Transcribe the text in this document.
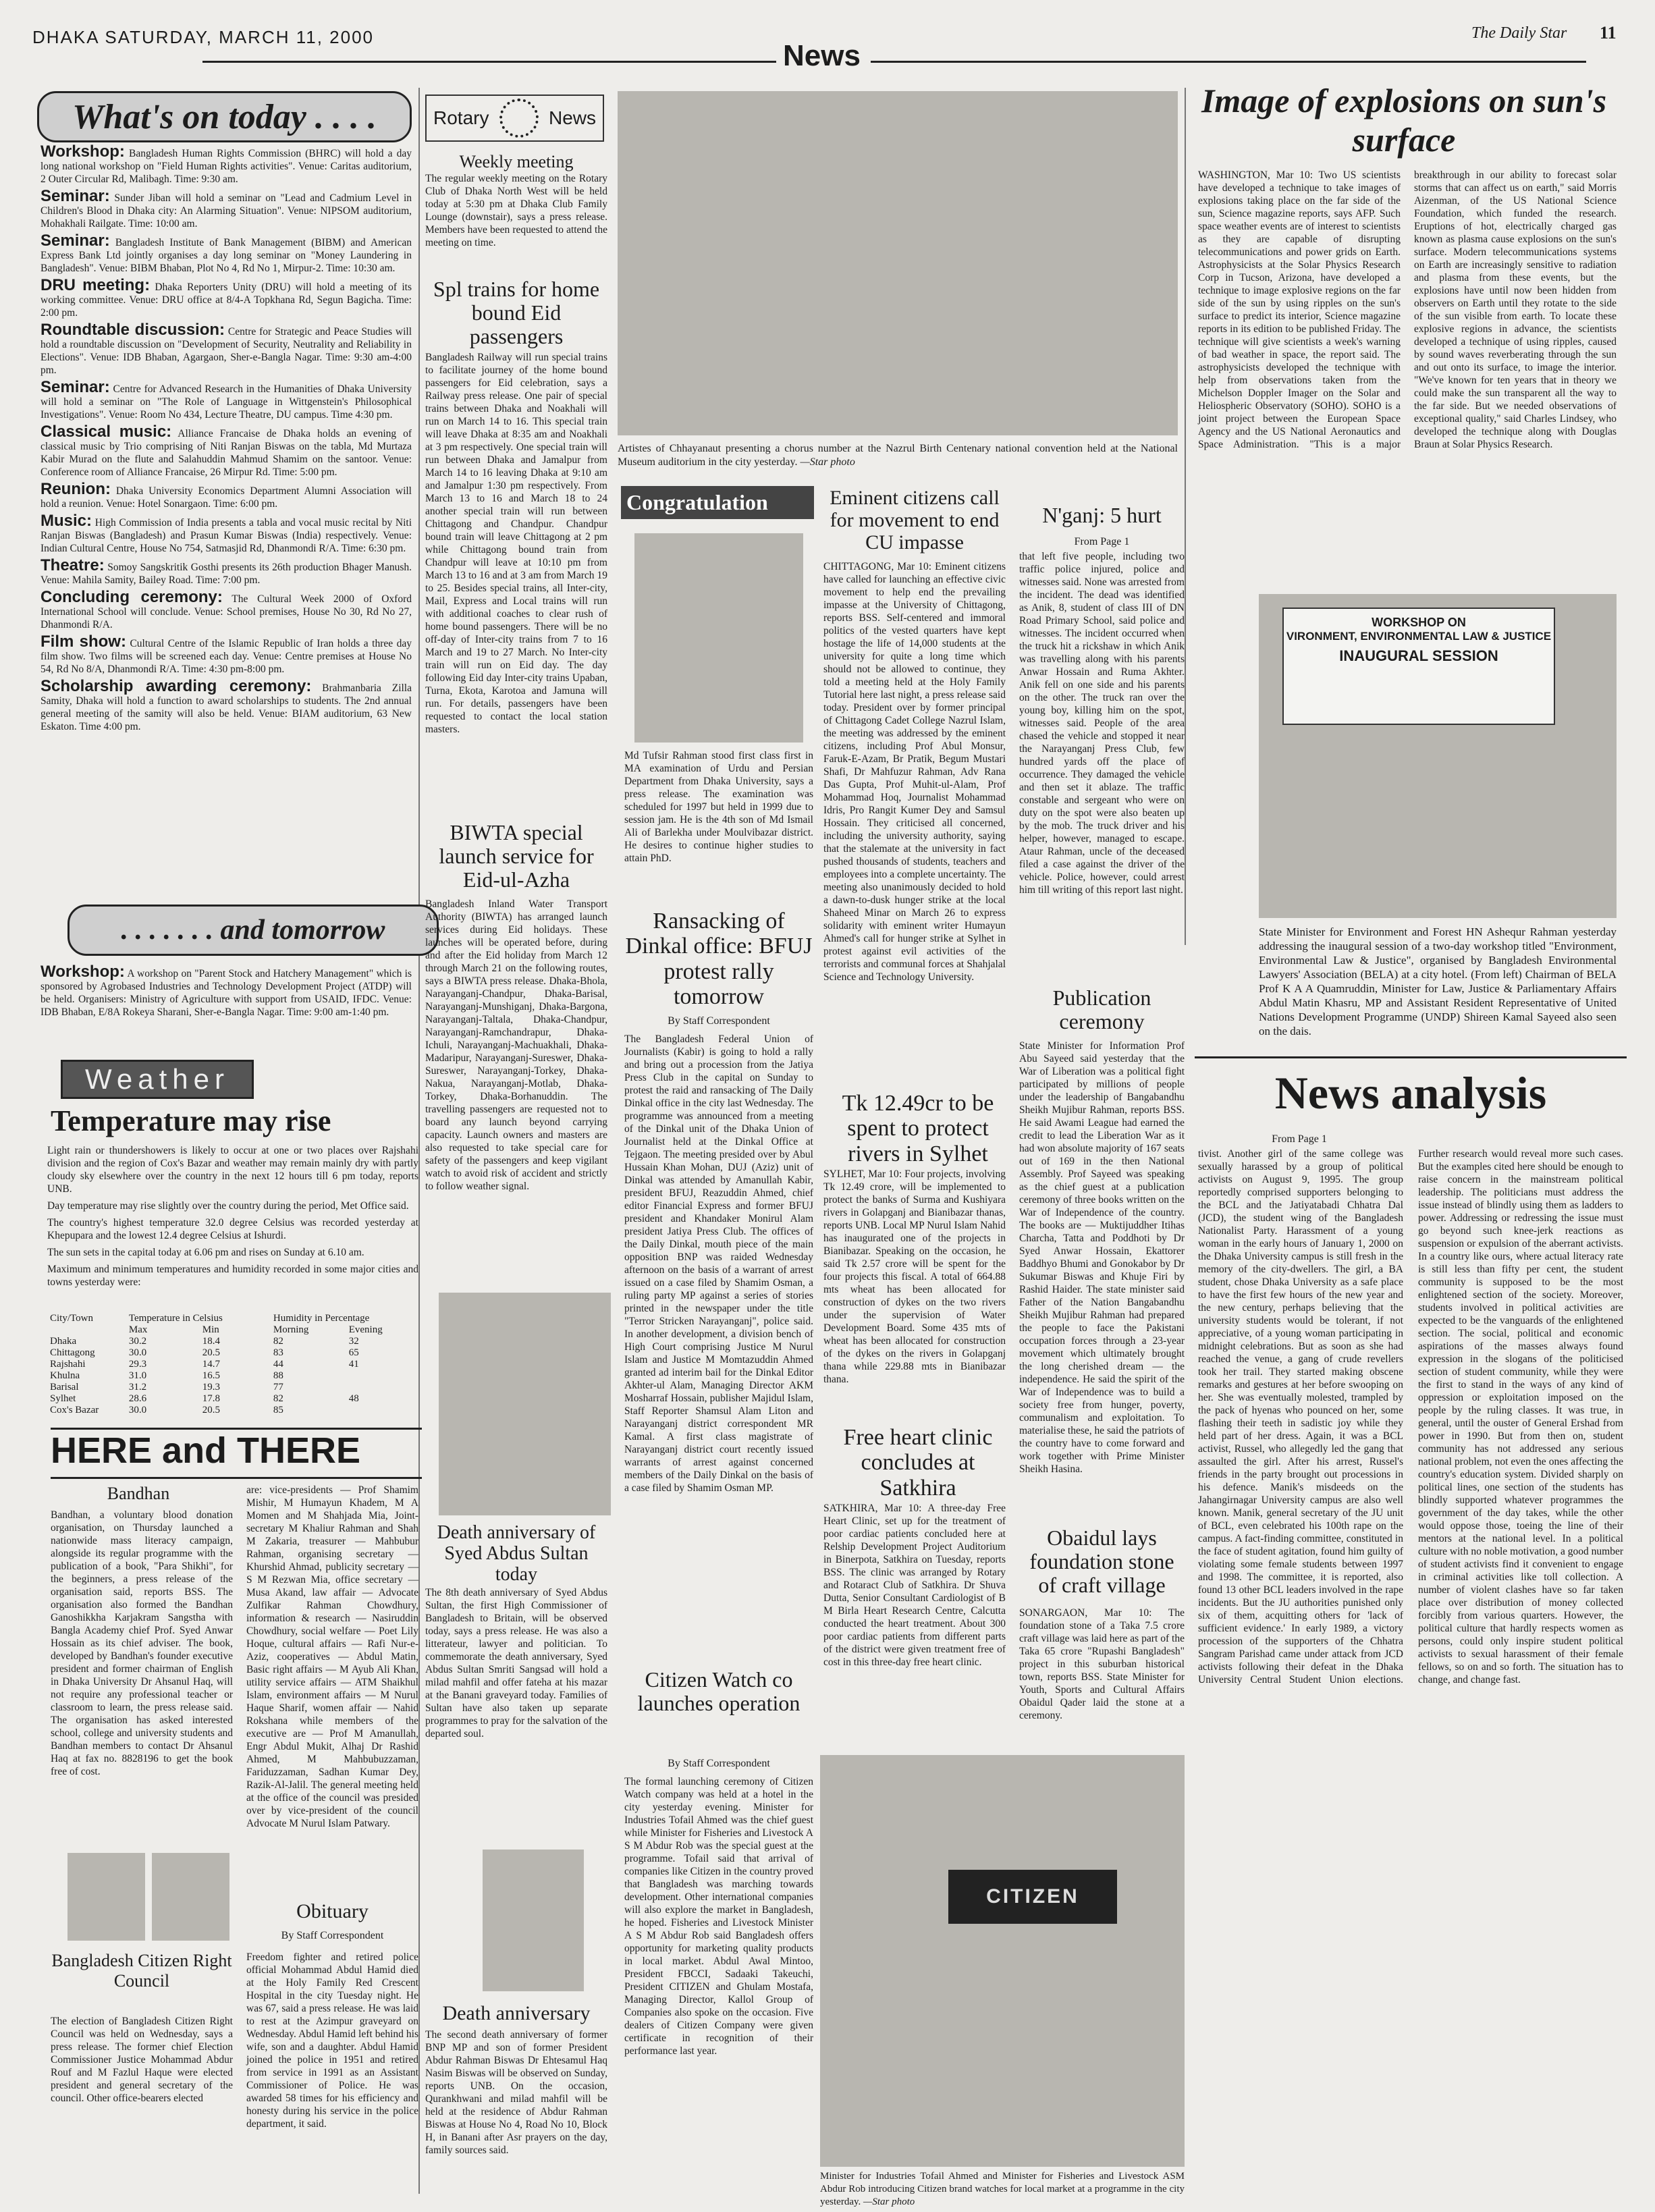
DHAKA SATURDAY, MARCH 11, 2000
News
The Daily Star 11
What's on today . . . .

Workshop: Bangladesh Human Rights Commission (BHRC) will hold a day long national workshop on "Field Human Rights activities". Venue: Caritas auditorium, 2 Outer Circular Rd, Malibagh. Time: 9:30 am.

Seminar: Sunder Jiban will hold a seminar on "Lead and Cadmium Level in Children's Blood in Dhaka city: An Alarming Situation". Venue: NIPSOM auditorium, Mohakhali Railgate. Time: 10:00 am.

Seminar: Bangladesh Institute of Bank Management (BIBM) and American Express Bank Ltd jointly organises a day long seminar on "Money Laundering in Bangladesh". Venue: BIBM Bhaban, Plot No 4, Rd No 1, Mirpur-2. Time: 10:30 am.

DRU meeting: Dhaka Reporters Unity (DRU) will hold a meeting of its working committee. Venue: DRU office at 8/4-A Topkhana Rd, Segun Bagicha. Time: 2:00 pm.

Roundtable discussion: Centre for Strategic and Peace Studies will hold a roundtable discussion on "Development of Security, Neutrality and Reliability in Elections". Venue: IDB Bhaban, Agargaon, Sher-e-Bangla Nagar. Time: 9:30 am-4:00 pm.

Seminar: Centre for Advanced Research in the Humanities of Dhaka University will hold a seminar on "The Role of Language in Wittgenstein's Philosophical Investigations". Venue: Room No 434, Lecture Theatre, DU campus. Time 4:30 pm.

Classical music: Alliance Francaise de Dhaka holds an evening of classical music by Trio comprising of Niti Ranjan Biswas on the tabla, Md Murtaza Kabir Murad on the flute and Salahuddin Mahmud Shamim on the santoor. Venue: Conference room of Alliance Francaise, 26 Mirpur Rd. Time: 5:00 pm.

Reunion: Dhaka University Economics Department Alumni Association will hold a reunion. Venue: Hotel Sonargaon. Time: 6:00 pm.

Music: High Commission of India presents a tabla and vocal music recital by Niti Ranjan Biswas (Bangladesh) and Prasun Kumar Biswas (India) respectively. Venue: Indian Cultural Centre, House No 754, Satmasjid Rd, Dhanmondi R/A. Time: 6:30 pm.

Theatre: Somoy Sangskritik Gosthi presents its 26th production Bhager Manush. Venue: Mahila Samity, Bailey Road. Time: 7:00 pm.

Concluding ceremony: The Cultural Week 2000 of Oxford International School will conclude. Venue: School premises, House No 30, Rd No 27, Dhanmondi R/A.

Film show: Cultural Centre of the Islamic Republic of Iran holds a three day film show. Two films will be screened each day. Venue: Centre premises at House No 54, Rd No 8/A, Dhanmondi R/A. Time: 4:30 pm-8:00 pm.

Scholarship awarding ceremony: Brahmanbaria Zilla Samity, Dhaka will hold a function to award scholarships to students. The 2nd annual general meeting of the samity will also be held. Venue: BIAM auditorium, 63 New Eskaton. Time 4:00 pm.

. . . . . . . and tomorrow

Workshop: A workshop on "Parent Stock and Hatchery Management" which is sponsored by Agrobased Industries and Technology Development Project (ATDP) will be held. Organisers: Ministry of Agriculture with support from USAID, IFDC. Venue: IDB Bhaban, E/8A Rokeya Sharani, Sher-e-Bangla Nagar. Time: 9:00 am-1:40 pm.

Weather
Temperature may rise

Light rain or thundershowers is likely to occur at one or two places over Rajshahi division and the region of Cox's Bazar and weather may remain mainly dry with partly cloudy sky elsewhere over the country in the next 12 hours till 6 pm today, reports UNB.

Day temperature may rise slightly over the country during the period, Met Office said.

The country's highest temperature 32.0 degree Celsius was recorded yesterday at Khepupara and the lowest 12.4 degree Celsius at Ishurdi.

The sun sets in the capital today at 6.06 pm and rises on Sunday at 6.10 am.

Maximum and minimum temperatures and humidity recorded in some major cities and towns yesterday were:

City/Town	Temperature in Celsius		Humidity in Percentage	
	Max	Min	Morning	Evening
Dhaka	30.2	18.4	82	32
Chittagong	30.0	20.5	83	65
Rajshahi	29.3	14.7	44	41
Khulna	31.0	16.5	88	
Barisal	31.2	19.3	77	
Sylhet	28.6	17.8	82	48
Cox's Bazar	30.0	20.5	85	
HERE and THERE
Bandhan

Bandhan, a voluntary blood donation organisation, on Thursday launched a nationwide mass literacy campaign, alongside its regular programme with the publication of a book, "Para Shikhi", for the beginners, a press release of the organisation said, reports BSS. The organisation also formed the Bandhan Ganoshikkha Karjakram Sangstha with Bangla Academy chief Prof. Syed Anwar Hossain as its chief adviser. The book, developed by Bandhan's founder executive president and former chairman of English in Dhaka University Dr Ahsanul Haq, will not require any professional teacher or classroom to learn, the press release said. The organisation has asked interested school, college and university students and Bandhan members to contact Dr Ahsanul Haq at fax no. 8828196 to get the book free of cost.

Bangladesh Citizen Right Council

The election of Bangladesh Citizen Right Council was held on Wednesday, says a press release. The former chief Election Commissioner Justice Mohammad Abdur Rouf and M Fazlul Haque were elected president and general secretary of the council. Other office-bearers elected

are: vice-presidents — Prof Shamim Mishir, M Humayun Khadem, M A Momen and M Shahjada Mia, Joint-secretary M Khaliur Rahman and Shah M Zakaria, treasurer — Mahbubur Rahman, organising secretary — Khurshid Ahmad, publicity secretary — S M Rezwan Mia, office secretary — Musa Akand, law affair — Advocate Zulfikar Rahman Chowdhury, information & research — Nasiruddin Chowdhury, social welfare — Poet Lily Hoque, cultural affairs — Rafi Nur-e-Aziz, cooperatives — Abdul Matin, Basic right affairs — M Ayub Ali Khan, utility service affairs — ATM Shaikhul Islam, environment affairs — M Nurul Haque Sharif, women affair — Nahid Rokshana while members of the executive are — Prof M Amanullah, Engr Abdul Mukit, Alhaj Dr Rashid Ahmed, M Mahbubuzzaman, Fariduzzaman, Sadhan Kumar Dey, Razik-Al-Jalil. The general meeting held at the office of the council was presided over by vice-president of the council Advocate M Nurul Islam Patwary.

Obituary
By Staff Correspondent

Freedom fighter and retired police official Mohammad Abdul Hamid died at the Holy Family Red Crescent Hospital in the city Tuesday night. He was 67, said a press release. He was laid to rest at the Azimpur graveyard on Wednesday. Abdul Hamid left behind his wife, son and a daughter. Abdul Hamid joined the police in 1951 and retired from service in 1991 as an Assistant Commissioner of Police. He was awarded 58 times for his efficiency and honesty during his service in the police department, it said.

Rotary	News
Weekly meeting

The regular weekly meeting on the Rotary Club of Dhaka North West will be held today at 5:30 pm at Dhaka Club Family Lounge (downstair), says a press release. Members have been requested to attend the meeting on time.

Spl trains for home bound Eid passengers

Bangladesh Railway will run special trains to facilitate journey of the home bound passengers for Eid celebration, says a Railway press release. One pair of special trains between Dhaka and Noakhali will run on March 14 to 16. This special train will leave Dhaka at 8:35 am and Noakhali at 3 pm respectively. One special train will run between Dhaka and Jamalpur from March 14 to 16 leaving Dhaka at 9:10 am and Jamalpur 1:30 pm respectively. From March 13 to 16 and March 18 to 24 another special train will run between Chittagong and Chandpur. Chandpur bound train will leave Chittagong at 2 pm while Chittagong bound train from Chandpur will leave at 10:10 pm from March 13 to 16 and at 3 am from March 19 to 25. Besides special trains, all Inter-city, Mail, Express and Local trains will run with additional coaches to clear rush of home bound passengers. There will be no off-day of Inter-city trains from 7 to 16 March and 19 to 27 March. No Inter-city train will run on Eid day. The day following Eid day Inter-city trains Upaban, Turna, Ekota, Karotoa and Jamuna will run. For details, passengers have been requested to contact the local station masters.

BIWTA special launch service for Eid-ul-Azha

Bangladesh Inland Water Transport Authority (BIWTA) has arranged launch services during Eid holidays. These launches will be operated before, during and after the Eid holiday from March 12 through March 21 on the following routes, says a BIWTA press release. Dhaka-Bhola, Narayanganj-Chandpur, Dhaka-Barisal, Narayanganj-Munshiganj, Dhaka-Bargona, Narayanganj-Taltala, Dhaka-Chandpur, Narayanganj-Ramchandrapur, Dhaka-Ichuli, Narayanganj-Machuakhali, Dhaka-Madaripur, Narayanganj-Sureswer, Dhaka-Sureswer, Narayanganj-Torkey, Dhaka-Nakua, Narayanganj-Motlab, Dhaka-Torkey, Dhaka-Borhanuddin. The travelling passengers are requested not to board any launch beyond carrying capacity. Launch owners and masters are also requested to take special care for safety of the passengers and keep vigilant watch to avoid risk of accident and strictly to follow weather signal.

Death anniversary of Syed Abdus Sultan today

The 8th death anniversary of Syed Abdus Sultan, the first High Commissioner of Bangladesh to Britain, will be observed today, says a press release. He was also a litterateur, lawyer and politician. To commemorate the death anniversary, Syed Abdus Sultan Smriti Sangsad will hold a milad mahfil and offer fateha at his mazar at the Banani graveyard today. Families of Sultan have also taken up separate programmes to pray for the salvation of the departed soul.

Death anniversary

The second death anniversary of former BNP MP and son of former President Abdur Rahman Biswas Dr Ehtesamul Haq Nasim Biswas will be observed on Sunday, reports UNB. On the occasion, Qurankhwani and milad mahfil will be held at the residence of Abdur Rahman Biswas at House No 4, Road No 10, Block H, in Banani after Asr prayers on the day, family sources said.

Artistes of Chhayanaut presenting a chorus number at the Nazrul Birth Centenary national convention held at the National Museum auditorium in the city yesterday. —Star photo
Congratulation

Md Tufsir Rahman stood first class first in MA examination of Urdu and Persian Department from Dhaka University, says a press release. The examination was scheduled for 1997 but held in 1999 due to session jam. He is the 4th son of Md Ismail Ali of Barlekha under Moulvibazar district. He desires to continue higher studies to attain PhD.

Ransacking of Dinkal office: BFUJ protest rally tomorrow
By Staff Correspondent

The Bangladesh Federal Union of Journalists (Kabir) is going to hold a rally and bring out a procession from the Jatiya Press Club in the capital on Sunday to protest the raid and ransacking of The Daily Dinkal office in the city last Wednesday. The programme was announced from a meeting of the Dinkal unit of the Dhaka Union of Journalist held at the Dinkal Office at Tejgaon. The meeting presided over by Abul Hussain Khan Mohan, DUJ (Aziz) unit of Dinkal was attended by Amanullah Kabir, president BFUJ, Reazuddin Ahmed, chief editor Financial Express and former BFUJ president and Khandaker Monirul Alam president Jatiya Press Club. The offices of the Daily Dinkal, mouth piece of the main opposition BNP was raided Wednesday afternoon on the basis of a warrant of arrest issued on a case filed by Shamim Osman, a ruling party MP against a series of stories printed in the newspaper under the title "Terror Stricken Narayanganj", police said. In another development, a division bench of High Court comprising Justice M Nurul Islam and Justice M Momtazuddin Ahmed granted ad interim bail for the Dinkal Editor Akhter-ul Alam, Managing Director AKM Mosharraf Hossain, publisher Majidul Islam, Staff Reporter Shamsul Alam Liton and Narayanganj district correspondent MR Kamal. A first class magistrate of Narayanganj district court recently issued warrants of arrest against concerned members of the Daily Dinkal on the basis of a case filed by Shamim Osman MP.

Eminent citizens call for movement to end CU impasse

CHITTAGONG, Mar 10: Eminent citizens have called for launching an effective civic movement to help end the prevailing impasse at the University of Chittagong, reports BSS. Self-centered and immoral politics of the vested quarters have kept hostage the life of 14,000 students at the university for quite a long time which should not be allowed to continue, they told a meeting held at the Holy Family Tutorial here last night, a press release said today. President over by former principal of Chittagong Cadet College Nazrul Islam, the meeting was addressed by the eminent citizens, including Prof Abul Monsur, Faruk-E-Azam, Br Pratik, Begum Mustari Shafi, Dr Mahfuzur Rahman, Adv Rana Das Gupta, Prof Muhit-ul-Alam, Prof Mohammad Hoq, Journalist Mohammad Idris, Pro Rangit Kumer Dey and Samsul Hossain. They criticised all concerned, including the university authority, saying that the stalemate at the university in fact pushed thousands of students, teachers and employees into a complete uncertainty. The meeting also unanimously decided to hold a dawn-to-dusk hunger strike at the local Shaheed Minar on March 26 to express solidarity with eminent writer Humayun Ahmed's call for hunger strike at Sylhet in protest against evil activities of the terrorists and communal forces at Shahjalal Science and Technology University.

Tk 12.49cr to be spent to protect rivers in Sylhet

SYLHET, Mar 10: Four projects, involving Tk 12.49 crore, will be implemented to protect the banks of Surma and Kushiyara rivers in Golapganj and Bianibazar thanas, reports UNB. Local MP Nurul Islam Nahid has inaugurated one of the projects in Bianibazar. Speaking on the occasion, he said Tk 2.57 crore will be spent for the four projects this fiscal. A total of 664.88 mts wheat has been allocated for construction of dykes on the two rivers under the supervision of Water Development Board. Some 435 mts of wheat has been allocated for construction of the dykes on the rivers in Golapganj thana while 229.88 mts in Bianibazar thana.

Free heart clinic concludes at Satkhira

SATKHIRA, Mar 10: A three-day Free Heart Clinic, set up for the treatment of poor cardiac patients concluded here at Relship Development Project Auditorium in Binerpota, Satkhira on Tuesday, reports BSS. The clinic was arranged by Rotary and Rotaract Club of Satkhira. Dr Shuva Dutta, Senior Consultant Cardiologist of B M Birla Heart Research Centre, Calcutta conducted the heart treatment. About 300 poor cardiac patients from different parts of the district were given treatment free of cost in this three-day free heart clinic.

Citizen Watch co launches operation
By Staff Correspondent

The formal launching ceremony of Citizen Watch company was held at a hotel in the city yesterday evening. Minister for Industries Tofail Ahmed was the chief guest while Minister for Fisheries and Livestock A S M Abdur Rob was the special guest at the programme. Tofail said that arrival of companies like Citizen in the country proved that Bangladesh was marching towards development. Other international companies will also explore the market in Bangladesh, he hoped. Fisheries and Livestock Minister A S M Abdur Rob said Bangladesh offers opportunity for marketing quality products in local market. Abdul Awal Mintoo, President FBCCI, Sadaaki Takeuchi, President CITIZEN and Ghulam Mostafa, Managing Director, Kallol Group of Companies also spoke on the occasion. Five dealers of Citizen Company were given certificate in recognition of their performance last year.

N'ganj: 5 hurt
From Page 1

that left five people, including two traffic police injured, police and witnesses said. None was arrested from the incident. The dead was identified as Anik, 8, student of class III of DN Road Primary School, said police and witnesses. The incident occurred when the truck hit a rickshaw in which Anik was travelling along with his parents Anwar Hossain and Ruma Akhter. Anik fell on one side and his parents on the other. The truck ran over the young boy, killing him on the spot, witnesses said. People of the area chased the vehicle and stopped it near the Narayanganj Press Club, few hundred yards off the place of occurrence. They damaged the vehicle and then set it ablaze. The traffic constable and sergeant who were on duty on the spot were also beaten up by the mob. The truck driver and his helper, however, managed to escape. Ataur Rahman, uncle of the deceased filed a case against the driver of the vehicle. Police, however, could arrest him till writing of this report last night.

Publication ceremony

State Minister for Information Prof Abu Sayeed said yesterday that the War of Liberation was a political fight participated by millions of people under the leadership of Bangabandhu Sheikh Mujibur Rahman, reports BSS. He said Awami League had earned the credit to lead the Liberation War as it had won absolute majority of 167 seats out of 169 in the then National Assembly. Prof Sayeed was speaking as the chief guest at a publication ceremony of three books written on the War of Independence of the country. The books are — Muktijuddher Itihas Charcha, Tatta and Poddhoti by Dr Syed Anwar Hossain, Ekattorer Baddhyo Bhumi and Gonokabor by Dr Sukumar Biswas and Khuje Firi by Rashid Haider. The state minister said Father of the Nation Bangabandhu Sheikh Mujibur Rahman had prepared the people to face the Pakistani occupation forces through a 23-year movement which ultimately brought the long cherished dream — the independence. He said the spirit of the War of Independence was to build a society free from hunger, poverty, communalism and exploitation. To materialise these, he said the patriots of the country have to come forward and work together with Prime Minister Sheikh Hasina.

Obaidul lays foundation stone of craft village

SONARGAON, Mar 10: The foundation stone of a Taka 7.5 crore craft village was laid here as part of the Taka 65 crore "Rupashi Bangladesh" project in this suburban historical town, reports BSS. State Minister for Youth, Sports and Cultural Affairs Obaidul Qader laid the stone at a ceremony.

Image of explosions on sun's surface

WASHINGTON, Mar 10: Two US scientists have developed a technique to take images of explosions taking place on the far side of the sun, Science magazine reports, says AFP. Such space weather events are of interest to scientists as they are capable of disrupting telecommunications and power grids on Earth. Astrophysicists at the Solar Physics Research Corp in Tucson, Arizona, have developed a technique to image explosive regions on the far side of the sun by using ripples on the sun's surface to predict its interior, Science magazine reports in its edition to be published Friday. The technique will give scientists a week's warning of bad weather in space, the report said. The astrophysicists developed the technique with help from observations taken from the Michelson Doppler Imager on the Solar and Heliospheric Observatory (SOHO). SOHO is a joint project between the European Space Agency and the US National Aeronautics and Space Administration. "This is a major breakthrough in our ability to forecast solar storms that can affect us on earth," said Morris Aizenman, of the US National Science Foundation, which funded the research. Eruptions of hot, electrically charged gas known as plasma cause explosions on the sun's surface. Modern telecommunications systems on Earth are increasingly sensitive to radiation and plasma from these events, but the explosions have until now been hidden from observers on Earth until they rotate to the side of the sun visible from earth. To locate these explosive regions in advance, the scientists developed a technique of using ripples, caused by sound waves reverberating through the sun and out onto its surface, to image the interior. "We've known for ten years that in theory we could make the sun transparent all the way to the far side. But we needed observations of exceptional quality," said Charles Lindsey, who developed the technique along with Douglas Braun at Solar Physics Research.

WORKSHOP ON
VIRONMENT, ENVIRONMENTAL LAW & JUSTICE
INAUGURAL SESSION
State Minister for Environment and Forest HN Ashequr Rahman yesterday addressing the inaugural session of a two-day workshop titled "Environment, Environmental Law & Justice", organised by Bangladesh Environmental Lawyers' Association (BELA) at a city hotel. (From left) Chairman of BELA Prof K A A Quamruddin, Minister for Law, Justice & Parliamentary Affairs Abdul Matin Khasru, MP and Assistant Resident Representative of United Nations Development Programme (UNDP) Shireen Kamal Sayeed also seen on the dais.
News analysis
From Page 1

tivist. Another girl of the same college was sexually harassed by a group of political activists on August 9, 1995. The group reportedly comprised supporters belonging to the BCL and the Jatiyatabadi Chhatra Dal (JCD), the student wing of the Bangladesh Nationalist Party. Harassment of a young woman in the early hours of January 1, 2000 on the Dhaka University campus is still fresh in the memory of the city-dwellers. The girl, a BA student, chose Dhaka University as a safe place to have the first few hours of the new year and the new century, perhaps believing that the university students would be tolerant, if not appreciative, of a young woman participating in midnight celebrations. But as soon as she had reached the venue, a gang of crude revellers took her trail. They started making obscene remarks and gestures at her before swooping on her. She was eventually molested, trampled by the pack of hyenas who pounced on her, some flashing their teeth in sadistic joy while they held part of her dress. Again, it was a BCL activist, Russel, who allegedly led the gang that assaulted the girl. After his arrest, Russel's friends in the party brought out processions in his defence. Manik's misdeeds on the Jahangirnagar University campus are also well known. Manik, general secretary of the JU unit of BCL, even celebrated his 100th rape on the campus. A fact-finding committee, constituted in the face of student agitation, found him guilty of violating some female students between 1997 and 1998. The committee, it is reported, also found 13 other BCL leaders involved in the rape incidents. But the JU authorities punished only six of them, acquitting others for 'lack of sufficient evidence.' In early 1989, a victory procession of the supporters of the Chhatra Sangram Parishad came under attack from JCD activists following their defeat in the Dhaka University Central Student Union elections. Further research would reveal more such cases. But the examples cited here should be enough to raise concern in the mainstream political leadership. The politicians must address the issue instead of blindly using them as ladders to power. Addressing or redressing the issue must go beyond such knee-jerk reactions as suspension or expulsion of the aberrant activists. In a country like ours, where actual literacy rate is still less than fifty per cent, the student community is supposed to be the most enlightened section of the society. Moreover, students involved in political activities are expected to be the vanguards of the enlightened section. The social, political and economic aspirations of the masses always found expression in the slogans of the politicised section of student community, while they were the first to stand in the ways of any kind of oppression or exploitation imposed on the people by the ruling classes. It was true, in general, until the ouster of General Ershad from power in 1990. But from then on, student community has not addressed any serious national problem, not even the ones affecting the country's education system. Divided sharply on political lines, one section of the students has blindly supported whatever programmes the government of the day takes, while the other would oppose those, toeing the line of their mentors at the national level. In a political culture with no noble motivation, a good number of student activists find it convenient to engage in criminal activities like toll collection. A number of violent clashes have so far taken place over distribution of money collected forcibly from various quarters. However, the political culture that hardly respects women as persons, could only inspire student political activists to sexual harassment of their female fellows, so on and so forth. The situation has to change, and change fast.

CITIZEN
Minister for Industries Tofail Ahmed and Minister for Fisheries and Livestock ASM Abdur Rob introducing Citizen brand watches for local market at a programme in the city yesterday. —Star photo
